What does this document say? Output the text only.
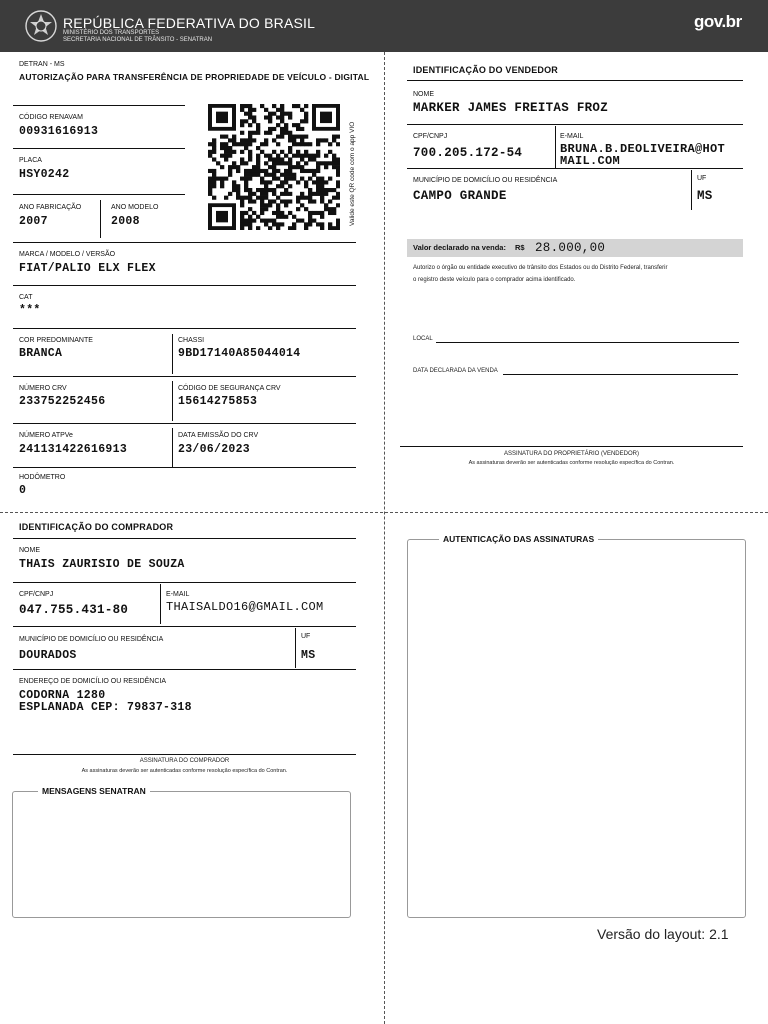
REPÚBLICA FEDERATIVA DO BRASIL
MINISTÉRIO DOS TRANSPORTES
SECRETARIA NACIONAL DE TRÂNSITO - SENATRAN
gov.br
DETRAN - MS
AUTORIZAÇÃO PARA TRANSFERÊNCIA DE PROPRIEDADE DE VEÍCULO - DIGITAL
CÓDIGO RENAVAM
00931616913
PLACA
HSY0242
ANO FABRICAÇÃO
2007
ANO MODELO
2008	Valide este QR code com o app VIO
MARCA / MODELO / VERSÃO
FIAT/PALIO ELX FLEX
CAT
***
COR PREDOMINANTE
BRANCA
CHASSI
9BD17140A85044014
NÚMERO CRV
233752252456
CÓDIGO DE SEGURANÇA CRV
15614275853
NÚMERO ATPVe
241131422616913
DATA EMISSÃO DO CRV
23/06/2023
HODÔMETRO
0
IDENTIFICAÇÃO DO VENDEDOR
NOME
MARKER JAMES FREITAS FROZ
CPF/CNPJ
700.205.172-54
E-MAIL
BRUNA.B.DEOLIVEIRA@HOT
MAIL.COM
MUNICÍPIO DE DOMICÍLIO OU RESIDÊNCIA
CAMPO GRANDE
UF
MS
Valor declarado na venda: R$ 28.000,00
Autorizo o órgão ou entidade executivo de trânsito dos Estados ou do Distrito Federal, transferir
o registro deste veículo para o comprador acima identificado.
LOCAL
DATA DECLARADA DA VENDA
ASSINATURA DO PROPRIETÁRIO (VENDEDOR)
As assinaturas deverão ser autenticadas conforme resolução específica do Contran.
IDENTIFICAÇÃO DO COMPRADOR
NOME
THAIS ZAURISIO DE SOUZA
CPF/CNPJ
047.755.431-80
E-MAIL
THAISALDO16@GMAIL.COM
MUNICÍPIO DE DOMICÍLIO OU RESIDÊNCIA
DOURADOS
UF
MS
ENDEREÇO DE DOMICÍLIO OU RESIDÊNCIA
CODORNA 1280
ESPLANADA CEP: 79837-318
ASSINATURA DO COMPRADOR
As assinaturas deverão ser autenticadas conforme resolução específica do Contran.
MENSAGENS SENATRAN
AUTENTICAÇÃO DAS ASSINATURAS
Versão do layout: 2.1
